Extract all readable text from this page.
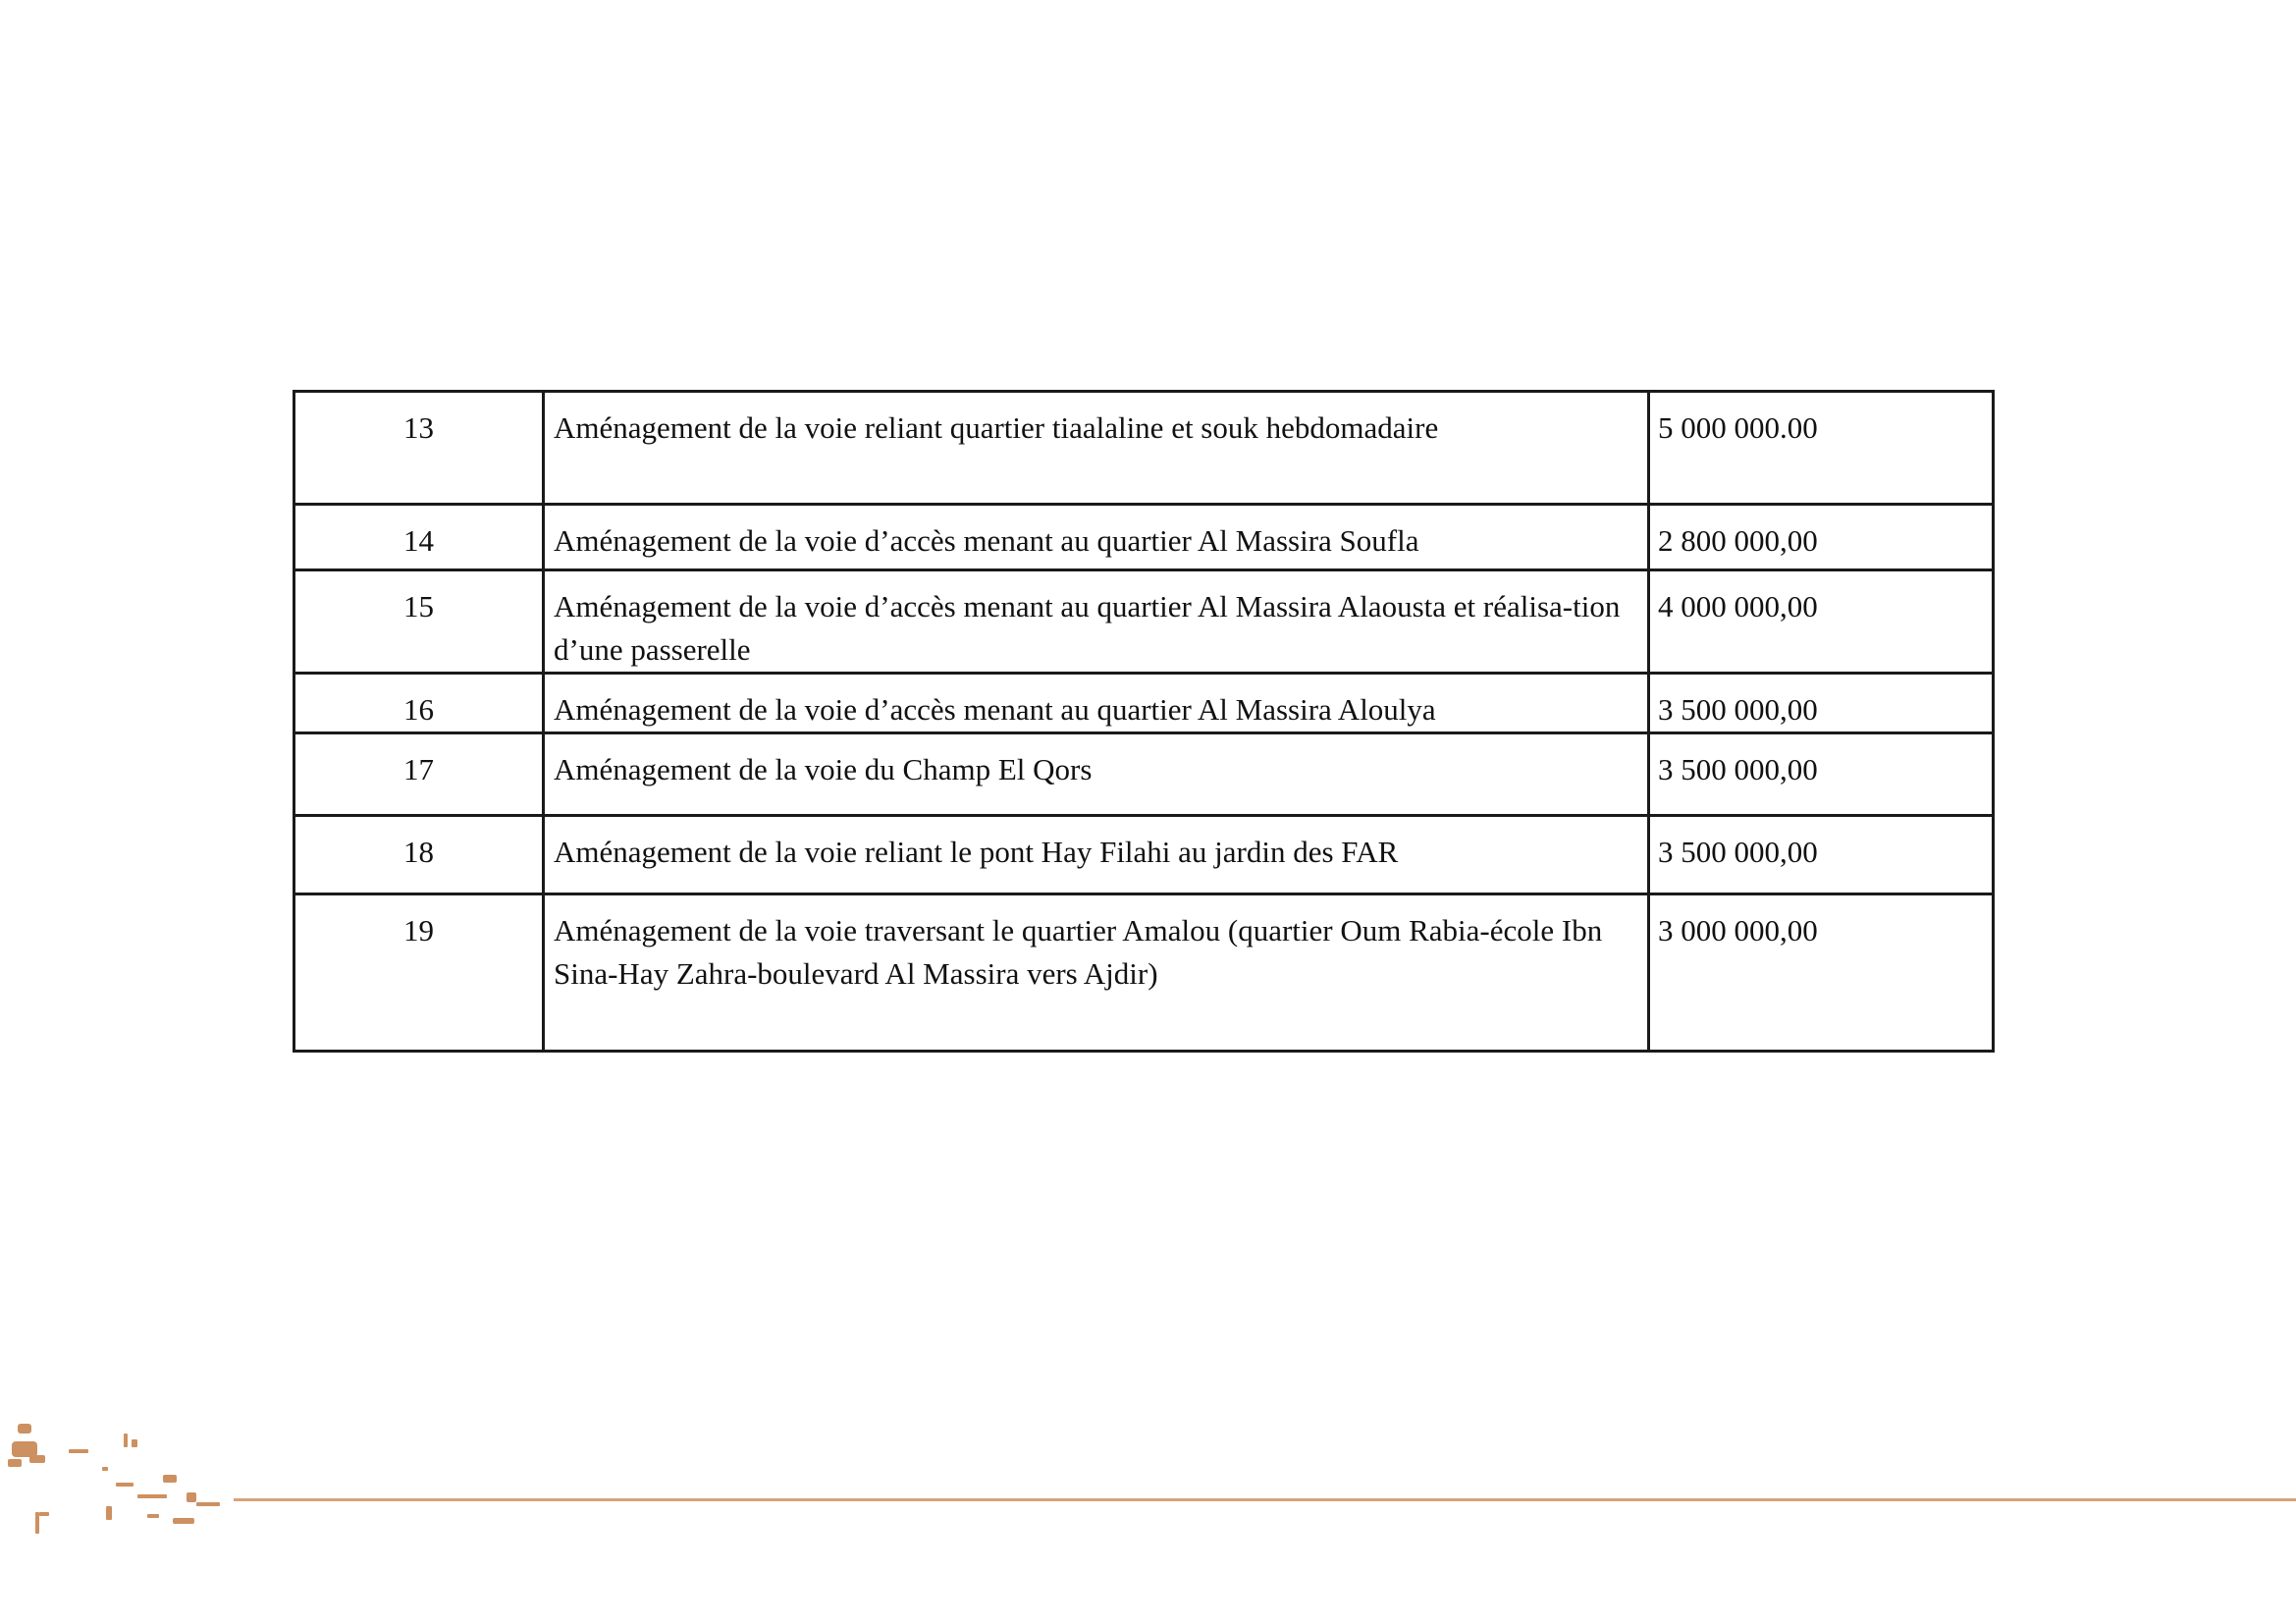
13	Aménagement de la voie reliant quartier tiaalaline et souk hebdomadaire	5 000 000.00
14	Aménagement de la voie d’accès menant au quartier Al Massira Soufla	2 800 000,00
15	Aménagement de la voie d’accès menant au quartier Al Massira Alaousta et réalisa-tion d’une passerelle	4 000 000,00
16	Aménagement de la voie d’accès menant au quartier Al Massira Aloulya	3 500 000,00
17	Aménagement de la voie du Champ El Qors	3 500 000,00
18	Aménagement de la voie reliant le pont Hay Filahi au jardin des FAR	3 500 000,00
19	Aménagement de la voie traversant le quartier Amalou (quartier Oum Rabia-école Ibn Sina-Hay Zahra-boulevard Al Massira vers Ajdir)	3 000 000,00
